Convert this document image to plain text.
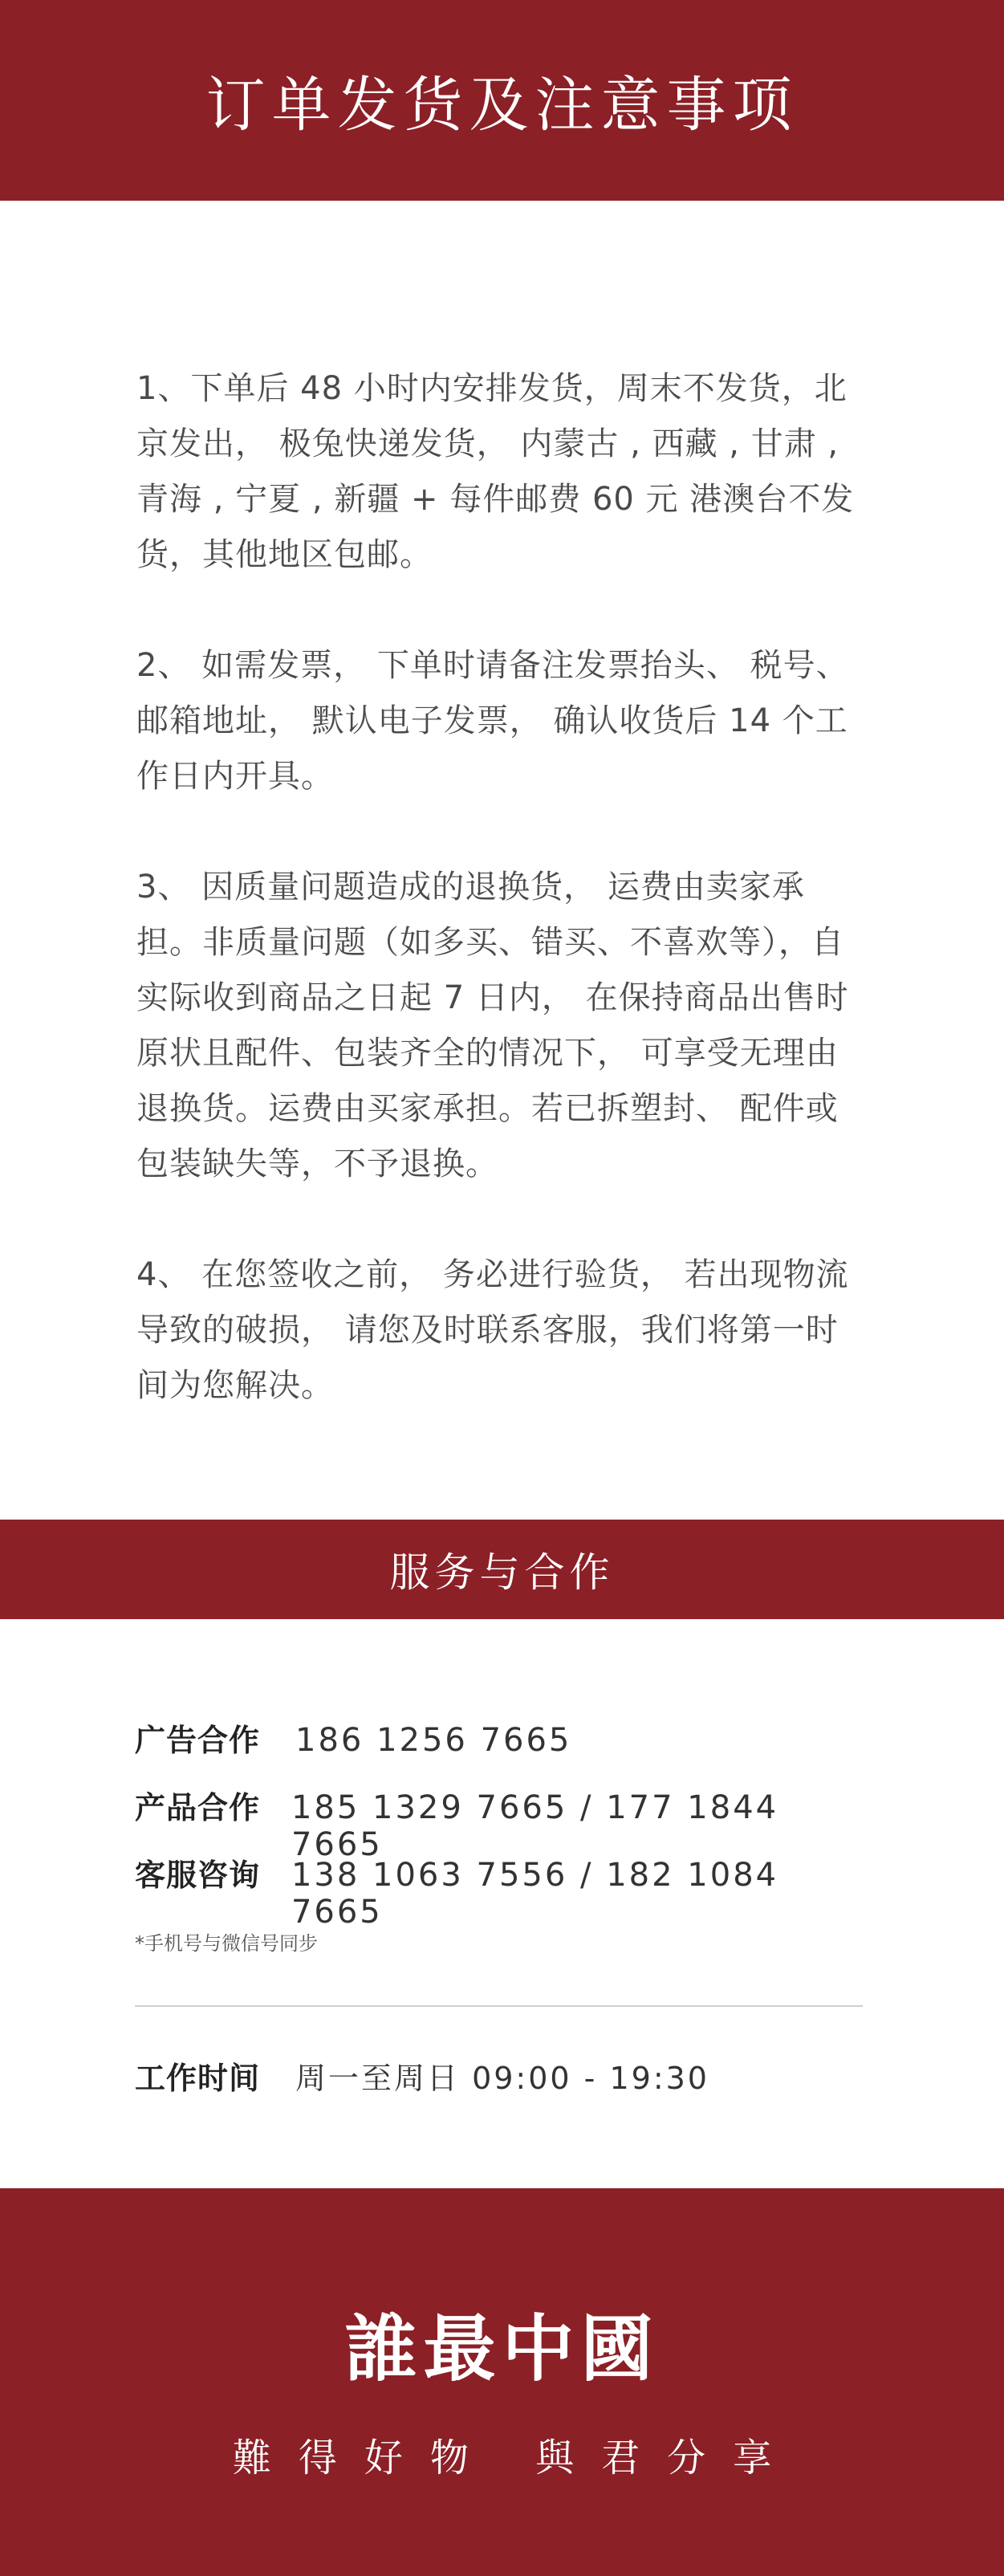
订单发货及注意事项

1、下单后 48 小时内安排发货，周末不发货，北京发出， 极兔快递发货， 内蒙古 , 西藏 , 甘肃 , 青海 , 宁夏 , 新疆 + 每件邮费 60 元 港澳台不发货，其他地区包邮。

2、 如需发票， 下单时请备注发票抬头、 税号、邮箱地址， 默认电子发票， 确认收货后 14 个工作日内开具。

3、 因质量问题造成的退换货， 运费由卖家承担。非质量问题（如多买、错买、不喜欢等），自实际收到商品之日起 7 日内， 在保持商品出售时原状且配件、包装齐全的情况下， 可享受无理由退换货。运费由买家承担。若已拆塑封、 配件或包装缺失等，不予退换。

4、 在您签收之前， 务必进行验货， 若出现物流导致的破损， 请您及时联系客服，我们将第一时间为您解决。

服务与合作
广告合作	186 1256 7665
产品合作 185 1329 7665 / 177 1844 7665
客服咨询 138 1063 7556 / 182 1084 7665
*手机号与微信号同步
工作时间	周一至周日 09:00 - 19:30
誰最中國
難得好物 與君分享
